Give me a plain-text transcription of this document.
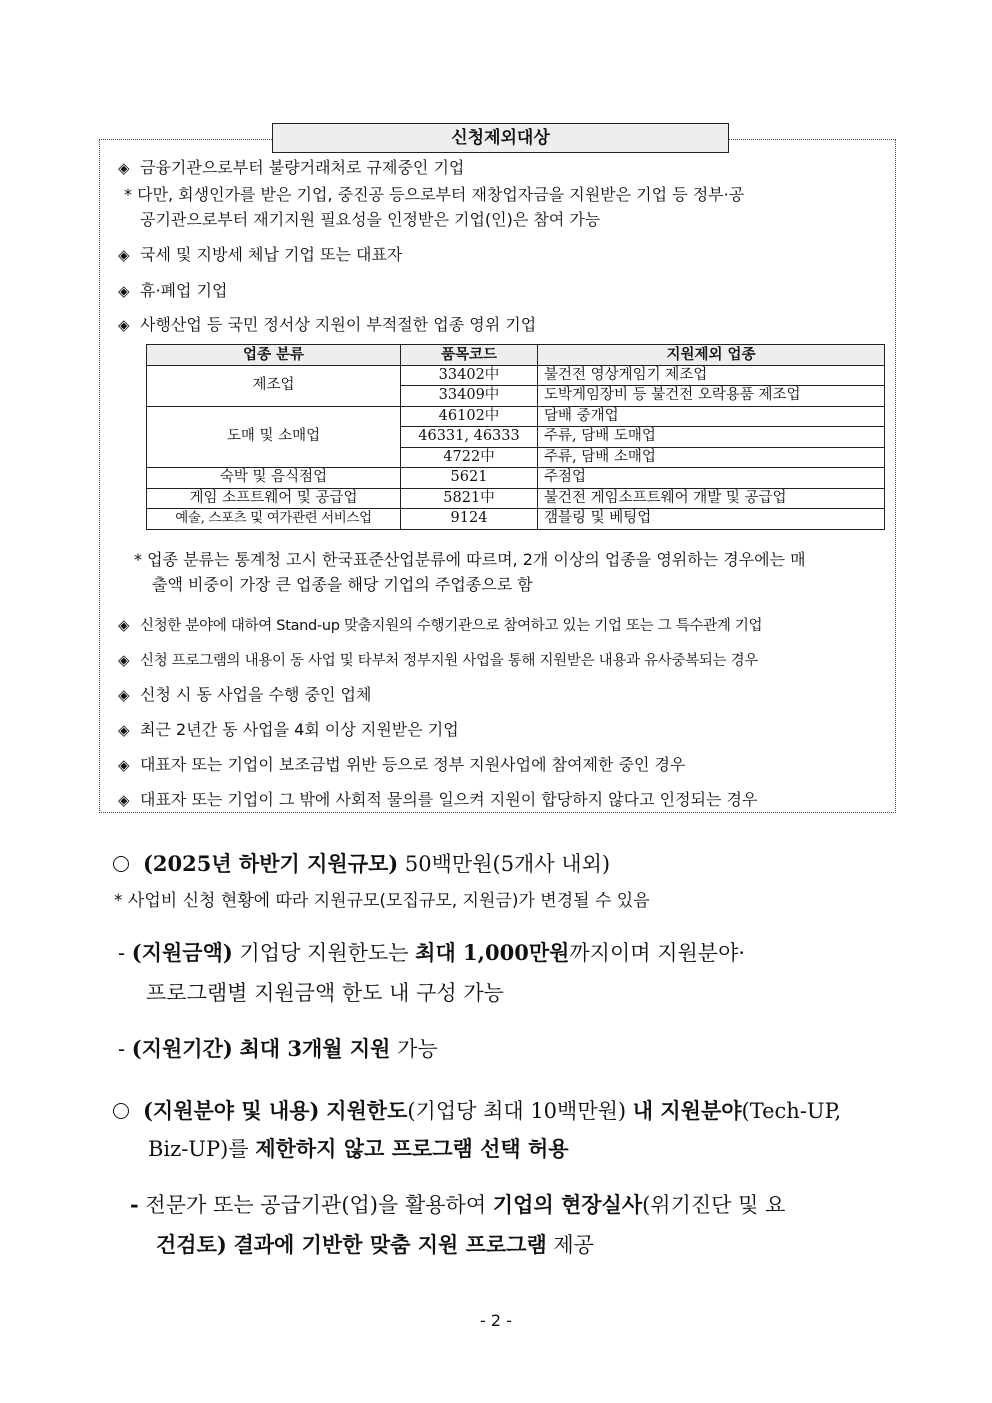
신청제외대상
◈ 금융기관으로부터 불량거래처로 규제중인 기업
* 다만, 회생인가를 받은 기업, 중진공 등으로부터 재창업자금을 지원받은 기업 등 정부·공
공기관으로부터 재기지원 필요성을 인정받은 기업(인)은 참여 가능
◈ 국세 및 지방세 체납 기업 또는 대표자
◈ 휴·폐업 기업
◈ 사행산업 등 국민 정서상 지원이 부적절한 업종 영위 기업
업종 분류	품목코드	지원제외 업종
제조업	33402中	불건전 영상게임기 제조업
	33409中	도박게임장비 등 불건전 오락용품 제조업
도매 및 소매업	46102中	담배 중개업
	46331, 46333	주류, 담배 도매업
	4722中	주류, 담배 소매업
숙박 및 음식점업	5621	주점업
게임 소프트웨어 및 공급업	5821中	불건전 게임소프트웨어 개발 및 공급업
예술, 스포츠 및 여가관련 서비스업	9124	갬블링 및 베팅업
* 업종 분류는 통계청 고시 한국표준산업분류에 따르며, 2개 이상의 업종을 영위하는 경우에는 매
출액 비중이 가장 큰 업종을 해당 기업의 주업종으로 함
◈ 신청한 분야에 대하여 Stand-up 맞춤지원의 수행기관으로 참여하고 있는 기업 또는 그 특수관계 기업
◈ 신청 프로그램의 내용이 동 사업 및 타부처 정부지원 사업을 통해 지원받은 내용과 유사중복되는 경우
◈ 신청 시 동 사업을 수행 중인 업체
◈ 최근 2년간 동 사업을 4회 이상 지원받은 기업
◈ 대표자 또는 기업이 보조금법 위반 등으로 정부 지원사업에 참여제한 중인 경우
◈ 대표자 또는 기업이 그 밖에 사회적 물의를 일으켜 지원이 합당하지 않다고 인정되는 경우
(2025년 하반기 지원규모) 50백만원(5개사 내외)
* 사업비 신청 현황에 따라 지원규모(모집규모, 지원금)가 변경될 수 있음
- (지원금액) 기업당 지원한도는 최대 1,000만원까지이며 지원분야·
프로그램별 지원금액 한도 내 구성 가능
- (지원기간) 최대 3개월 지원 가능
(지원분야 및 내용) 지원한도(기업당 최대 10백만원) 내 지원분야(Tech-UP,
Biz-UP)를 제한하지 않고 프로그램 선택 허용
- 전문가 또는 공급기관(업)을 활용하여 기업의 현장실사(위기진단 및 요
건검토) 결과에 기반한 맞춤 지원 프로그램 제공
- 2 -
